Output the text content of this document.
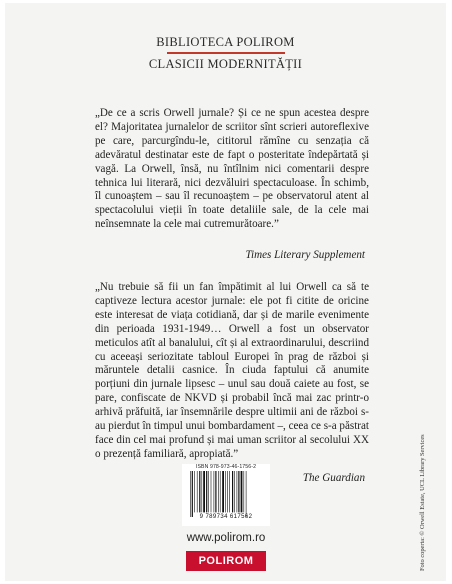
BIBLIOTECA POLIROM
CLASICII MODERNITĂȚII
„De ce a scris Orwell jurnale? Și ce ne spun acestea despre el? Majoritatea jurnalelor de scriitor sînt scrieri autoreflexive pe care, parcurgîndu-le, cititorul rămîne cu senzația că adevăratul destinatar este de fapt o posteritate îndepărtată și vagă. La Orwell, însă, nu întîlnim nici comentarii despre tehnica lui literară, nici dezvăluiri spectaculoase. În schimb, îl cunoaștem – sau îl recunoaștem – pe observatorul atent al spectacolului vieții în toate detaliile sale, de la cele mai neînsemnate la cele mai cutremurătoare.”
Times Literary Supplement
„Nu trebuie să fii un fan împătimit al lui Orwell ca să te captiveze lectura acestor jurnale: ele pot fi citite de oricine este interesat de viața cotidiană, dar și de marile evenimente din perioada 1931-1949… Orwell a fost un observator meticulos atît al banalului, cît și al extraordinarului, descriind cu aceeași seriozitate tabloul Europei în prag de război și măruntele detalii casnice. În ciuda faptului că anumite porțiuni din jurnale lipsesc – unul sau două caiete au fost, se pare, confiscate de NKVD și probabil încă mai zac printr-o arhivă prăfuită, iar însemnările despre ultimii ani de război s-au pierdut în timpul unui bombardament –, ceea ce s-a păstrat face din cel mai profund și mai uman scriitor al secolului XX o prezență familiară, apropiată.”
The Guardian	Foto coperta: © Orwell Estate, UCL Library Services
ISBN 978-973-46-1756-2
9 789734 617562
www.polirom.ro
POLIROM
